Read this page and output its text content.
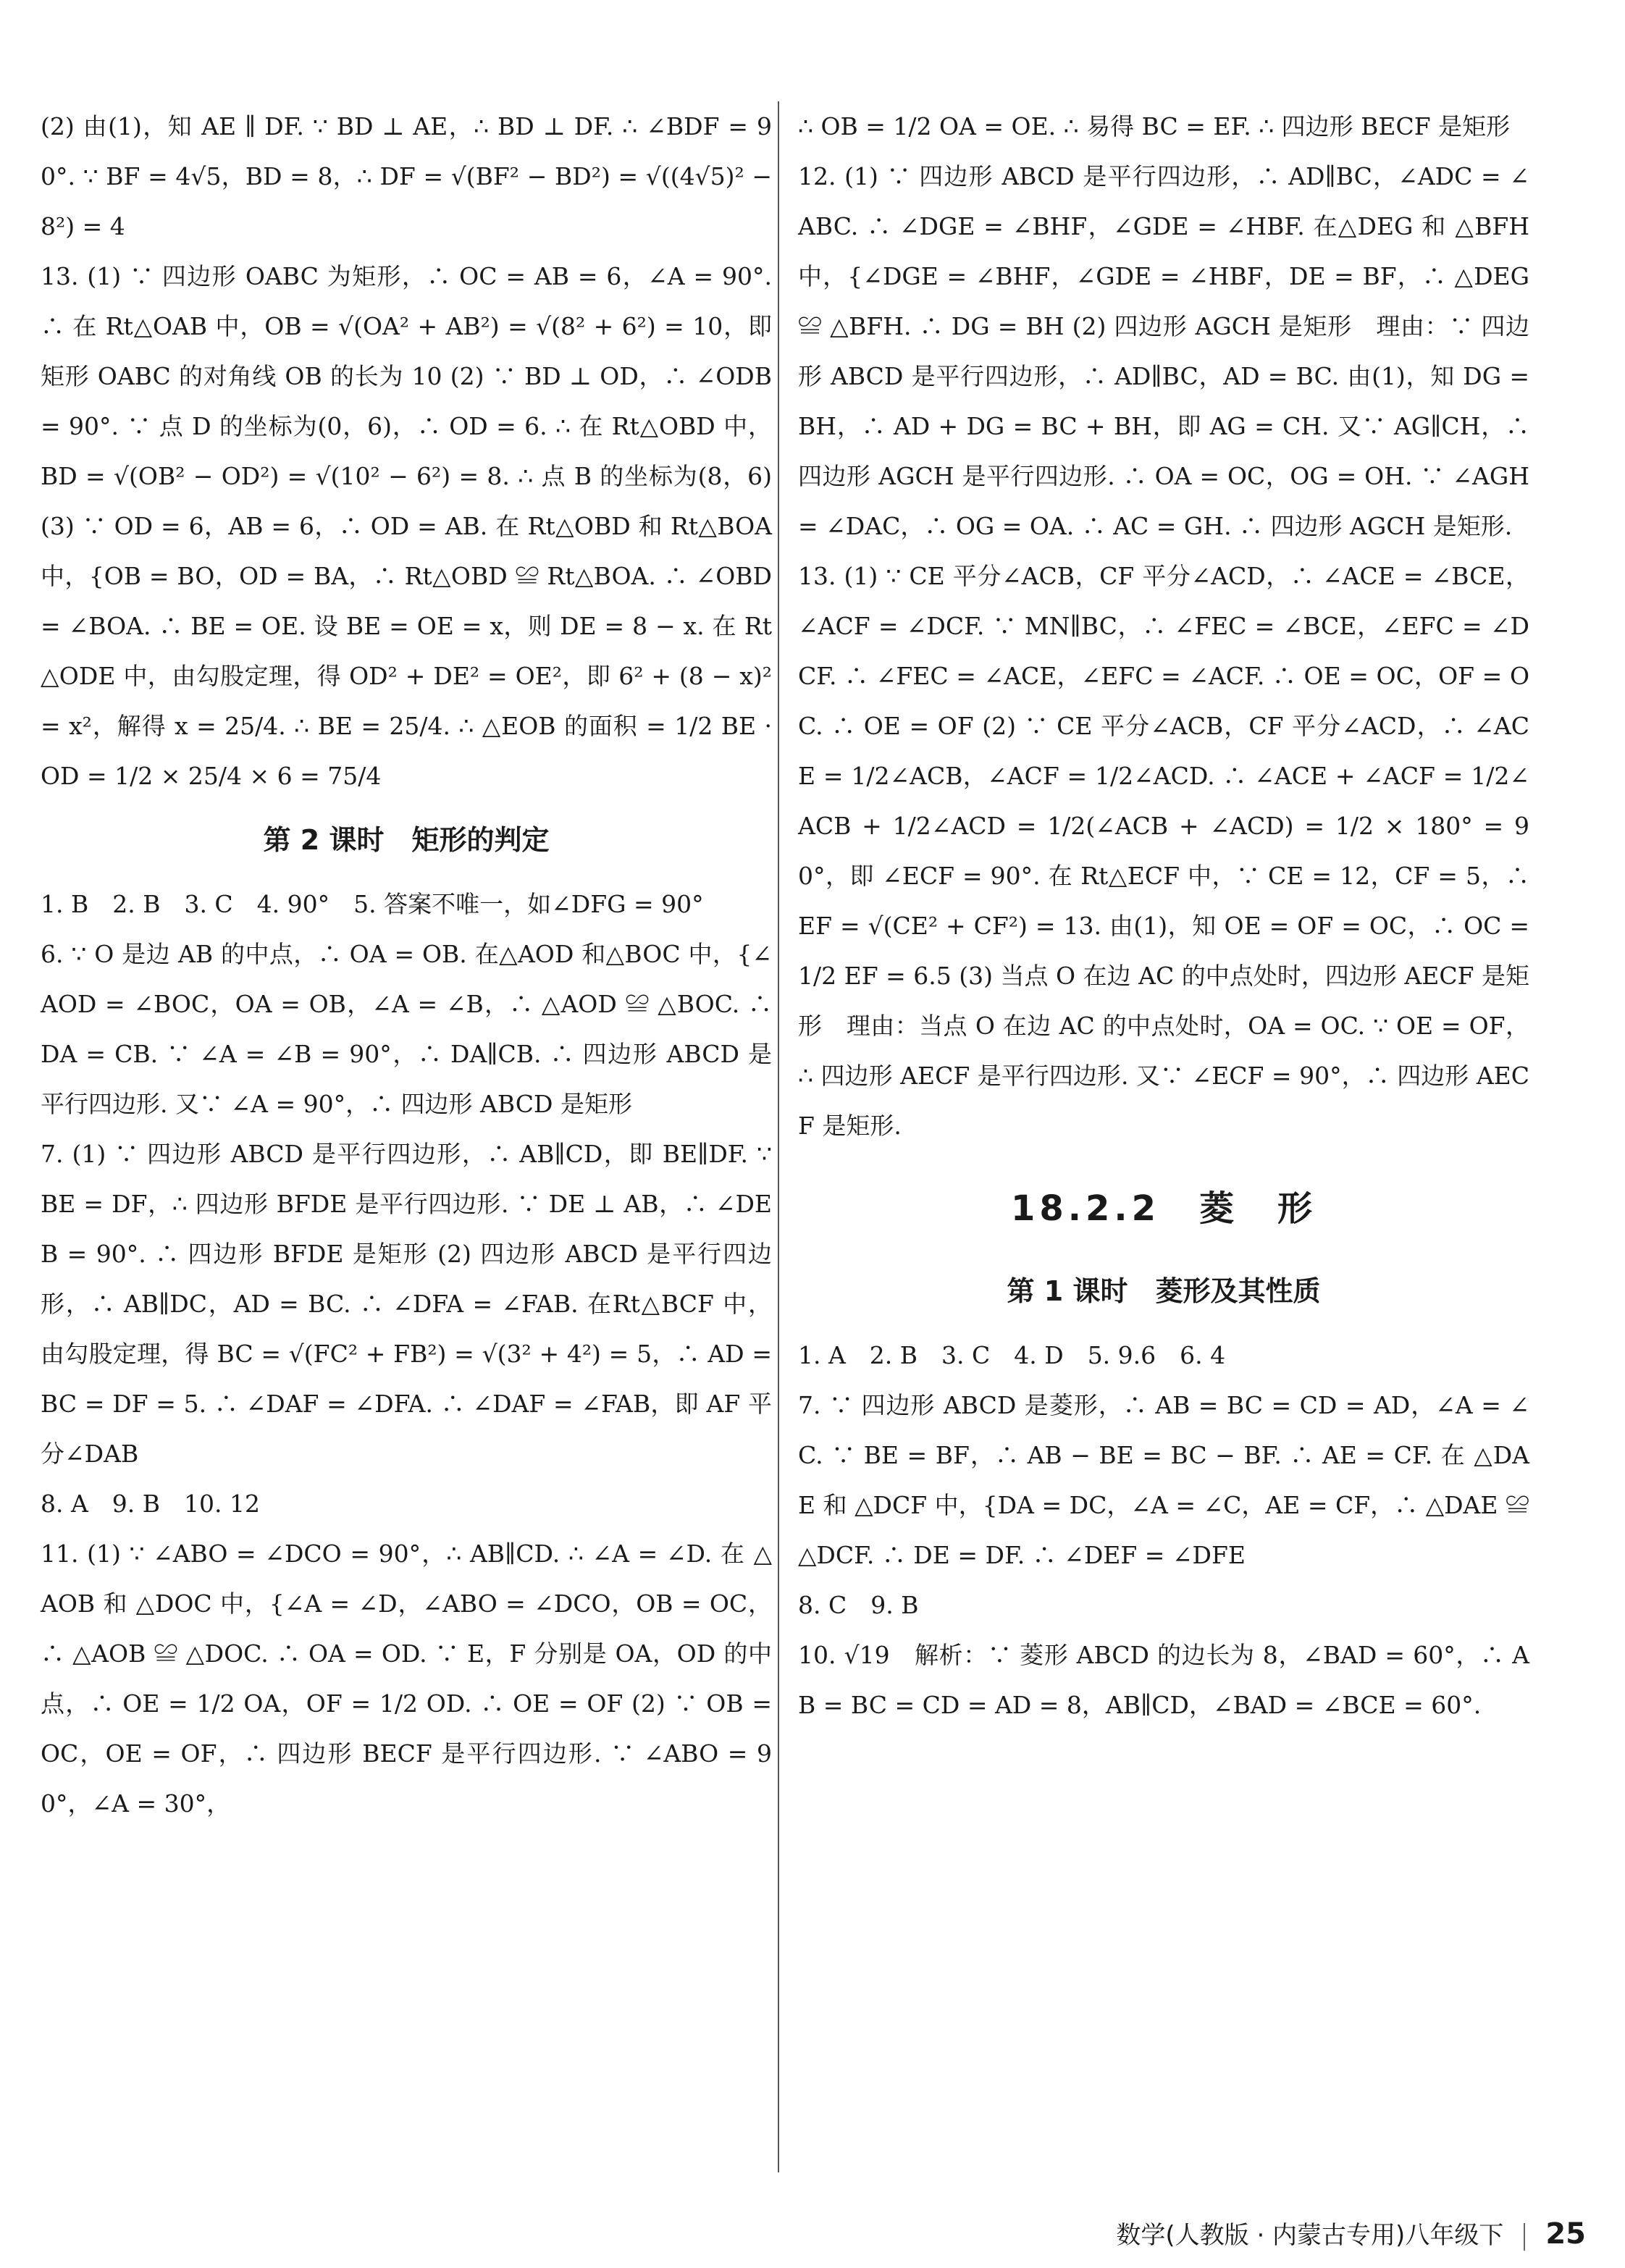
(2) 由(1)，知 AE ∥ DF. ∵ BD ⊥ AE，∴ BD ⊥ DF. ∴ ∠BDF = 90°. ∵ BF = 4√5，BD = 8，∴ DF = √(BF² − BD²) = √((4√5)² − 8²) = 4

13. (1) ∵ 四边形 OABC 为矩形，∴ OC = AB = 6，∠A = 90°. ∴ 在 Rt△OAB 中，OB = √(OA² + AB²) = √(8² + 6²) = 10，即矩形 OABC 的对角线 OB 的长为 10 (2) ∵ BD ⊥ OD，∴ ∠ODB = 90°. ∵ 点 D 的坐标为(0，6)，∴ OD = 6. ∴ 在 Rt△OBD 中，BD = √(OB² − OD²) = √(10² − 6²) = 8. ∴ 点 B 的坐标为(8，6) (3) ∵ OD = 6，AB = 6，∴ OD = AB. 在 Rt△OBD 和 Rt△BOA 中，{OB = BO，OD = BA，∴ Rt△OBD ≌ Rt△BOA. ∴ ∠OBD = ∠BOA. ∴ BE = OE. 设 BE = OE = x，则 DE = 8 − x. 在 Rt△ODE 中，由勾股定理，得 OD² + DE² = OE²，即 6² + (8 − x)² = x²，解得 x = 25/4. ∴ BE = 25/4. ∴ △EOB 的面积 = 1/2 BE · OD = 1/2 × 25/4 × 6 = 75/4

第 2 课时　矩形的判定

1. B　2. B　3. C　4. 90°　5. 答案不唯一，如∠DFG = 90°

6. ∵ O 是边 AB 的中点，∴ OA = OB. 在△AOD 和△BOC 中，{∠AOD = ∠BOC，OA = OB，∠A = ∠B，∴ △AOD ≌ △BOC. ∴ DA = CB. ∵ ∠A = ∠B = 90°，∴ DA∥CB. ∴ 四边形 ABCD 是平行四边形. 又∵ ∠A = 90°，∴ 四边形 ABCD 是矩形

7. (1) ∵ 四边形 ABCD 是平行四边形，∴ AB∥CD，即 BE∥DF. ∵ BE = DF，∴ 四边形 BFDE 是平行四边形. ∵ DE ⊥ AB，∴ ∠DEB = 90°. ∴ 四边形 BFDE 是矩形 (2) 四边形 ABCD 是平行四边形，∴ AB∥DC，AD = BC. ∴ ∠DFA = ∠FAB. 在Rt△BCF 中，由勾股定理，得 BC = √(FC² + FB²) = √(3² + 4²) = 5，∴ AD = BC = DF = 5. ∴ ∠DAF = ∠DFA. ∴ ∠DAF = ∠FAB，即 AF 平分∠DAB

8. A　9. B　10. 12

11. (1) ∵ ∠ABO = ∠DCO = 90°，∴ AB∥CD. ∴ ∠A = ∠D. 在 △AOB 和 △DOC 中，{∠A = ∠D，∠ABO = ∠DCO，OB = OC，∴ △AOB ≌ △DOC. ∴ OA = OD. ∵ E，F 分别是 OA，OD 的中点，∴ OE = 1/2 OA，OF = 1/2 OD. ∴ OE = OF (2) ∵ OB = OC，OE = OF，∴ 四边形 BECF 是平行四边形. ∵ ∠ABO = 90°，∠A = 30°，

∴ OB = 1/2 OA = OE. ∴ 易得 BC = EF. ∴ 四边形 BECF 是矩形

12. (1) ∵ 四边形 ABCD 是平行四边形，∴ AD∥BC，∠ADC = ∠ABC. ∴ ∠DGE = ∠BHF，∠GDE = ∠HBF. 在△DEG 和 △BFH 中，{∠DGE = ∠BHF，∠GDE = ∠HBF，DE = BF，∴ △DEG ≌ △BFH. ∴ DG = BH (2) 四边形 AGCH 是矩形　理由：∵ 四边形 ABCD 是平行四边形，∴ AD∥BC，AD = BC. 由(1)，知 DG = BH，∴ AD + DG = BC + BH，即 AG = CH. 又∵ AG∥CH，∴ 四边形 AGCH 是平行四边形. ∴ OA = OC，OG = OH. ∵ ∠AGH = ∠DAC，∴ OG = OA. ∴ AC = GH. ∴ 四边形 AGCH 是矩形.

13. (1) ∵ CE 平分∠ACB，CF 平分∠ACD，∴ ∠ACE = ∠BCE，∠ACF = ∠DCF. ∵ MN∥BC，∴ ∠FEC = ∠BCE，∠EFC = ∠DCF. ∴ ∠FEC = ∠ACE，∠EFC = ∠ACF. ∴ OE = OC，OF = OC. ∴ OE = OF (2) ∵ CE 平分∠ACB，CF 平分∠ACD，∴ ∠ACE = 1/2∠ACB，∠ACF = 1/2∠ACD. ∴ ∠ACE + ∠ACF = 1/2∠ACB + 1/2∠ACD = 1/2(∠ACB + ∠ACD) = 1/2 × 180° = 90°，即 ∠ECF = 90°. 在 Rt△ECF 中，∵ CE = 12，CF = 5，∴ EF = √(CE² + CF²) = 13. 由(1)，知 OE = OF = OC，∴ OC = 1/2 EF = 6.5 (3) 当点 O 在边 AC 的中点处时，四边形 AECF 是矩形　理由：当点 O 在边 AC 的中点处时，OA = OC. ∵ OE = OF，∴ 四边形 AECF 是平行四边形. 又∵ ∠ECF = 90°，∴ 四边形 AECF 是矩形.

18.2.2　菱　形
第 1 课时　菱形及其性质

1. A　2. B　3. C　4. D　5. 9.6　6. 4

7. ∵ 四边形 ABCD 是菱形，∴ AB = BC = CD = AD，∠A = ∠C. ∵ BE = BF，∴ AB − BE = BC − BF. ∴ AE = CF. 在 △DAE 和 △DCF 中，{DA = DC，∠A = ∠C，AE = CF，∴ △DAE ≌ △DCF. ∴ DE = DF. ∴ ∠DEF = ∠DFE

8. C　9. B

10. √19　解析：∵ 菱形 ABCD 的边长为 8，∠BAD = 60°，∴ AB = BC = CD = AD = 8，AB∥CD，∠BAD = ∠BCE = 60°.

数学(人教版 · 内蒙古专用)八年级下 25
